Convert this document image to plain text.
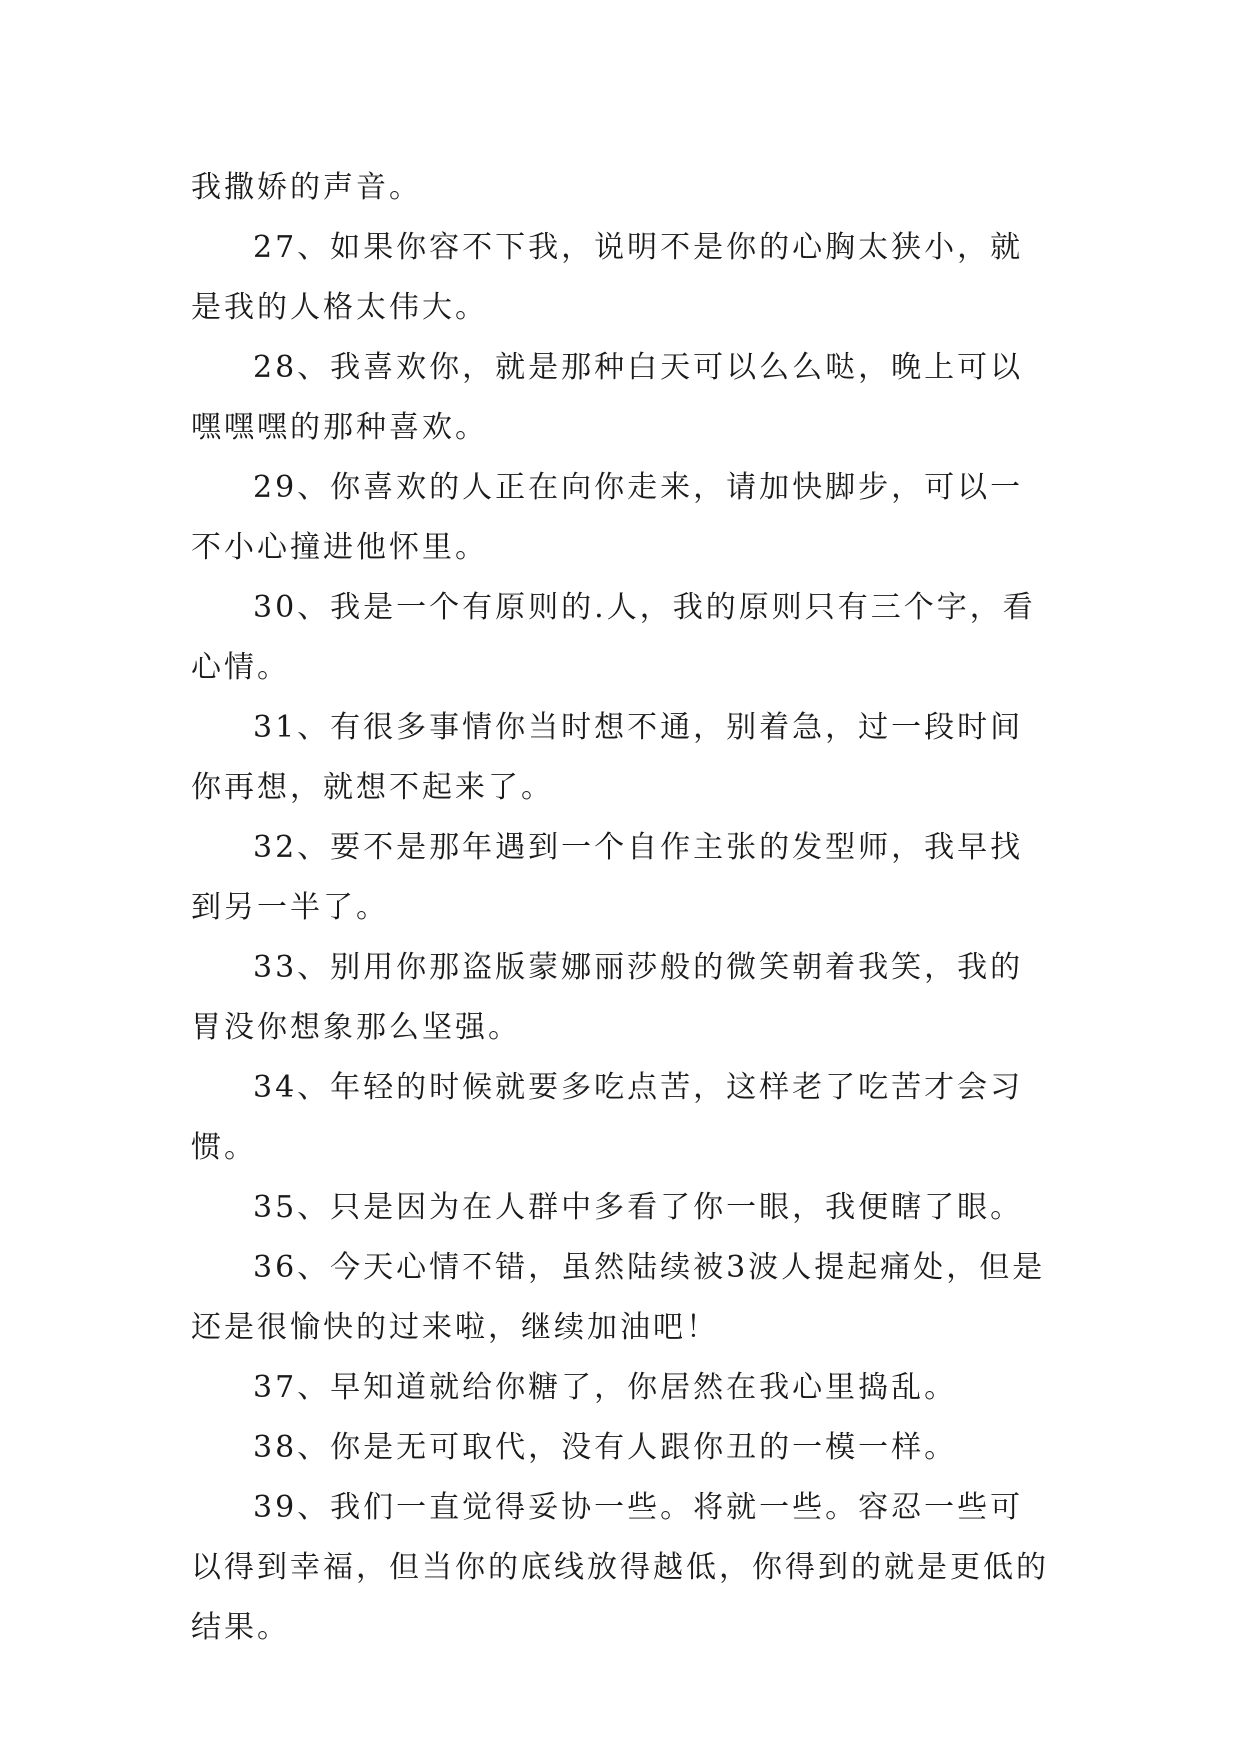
我撒娇的声音。

27、如果你容不下我，说明不是你的心胸太狭小，就是我的人格太伟大。

28、我喜欢你，就是那种白天可以么么哒，晚上可以嘿嘿嘿的那种喜欢。

29、你喜欢的人正在向你走来，请加快脚步，可以一不小心撞进他怀里。

30、我是一个有原则的.人，我的原则只有三个字，看心情。

31、有很多事情你当时想不通，别着急，过一段时间你再想，就想不起来了。

32、要不是那年遇到一个自作主张的发型师，我早找到另一半了。

33、别用你那盗版蒙娜丽莎般的微笑朝着我笑，我的胃没你想象那么坚强。

34、年轻的时候就要多吃点苦，这样老了吃苦才会习惯。

35、只是因为在人群中多看了你一眼，我便瞎了眼。

36、今天心情不错，虽然陆续被3波人提起痛处，但是还是很愉快的过来啦，继续加油吧！

37、早知道就给你糖了，你居然在我心里捣乱。

38、你是无可取代，没有人跟你丑的一模一样。

39、我们一直觉得妥协一些。将就一些。容忍一些可以得到幸福，但当你的底线放得越低，你得到的就是更低的结果。
